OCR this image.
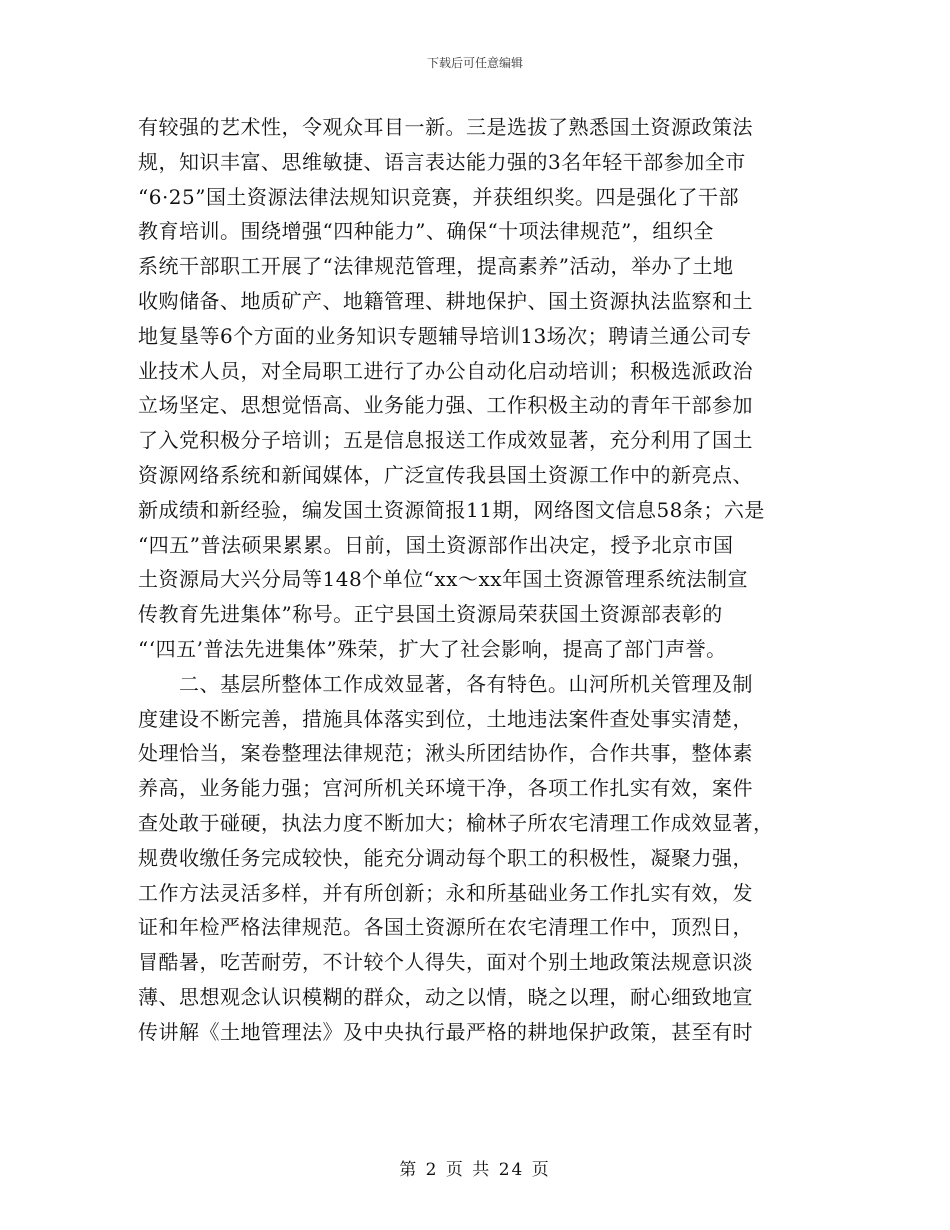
下载后可任意编辑
有较强的艺术性，令观众耳目一新。三是选拔了熟悉国土资源政策法
规，知识丰富、思维敏捷、语言表达能力强的3名年轻干部参加全市
“6·25”国土资源法律法规知识竞赛，并获组织奖。四是强化了干部
教育培训。围绕增强“四种能力”、确保“十项法律规范”，组织全
系统干部职工开展了“法律规范管理，提高素养”活动，举办了土地
收购储备、地质矿产、地籍管理、耕地保护、国土资源执法监察和土
地复垦等6个方面的业务知识专题辅导培训13场次；聘请兰通公司专
业技术人员，对全局职工进行了办公自动化启动培训；积极选派政治
立场坚定、思想觉悟高、业务能力强、工作积极主动的青年干部参加
了入党积极分子培训；五是信息报送工作成效显著，充分利用了国土
资源网络系统和新闻媒体，广泛宣传我县国土资源工作中的新亮点、
新成绩和新经验，编发国土资源简报11期，网络图文信息58条；六是
“四五”普法硕果累累。日前，国土资源部作出决定，授予北京市国
土资源局大兴分局等148个单位“xx～xx年国土资源管理系统法制宣
传教育先进集体”称号。正宁县国土资源局荣获国土资源部表彰的
“‘四五’普法先进集体”殊荣，扩大了社会影响，提高了部门声誉。
　　二、基层所整体工作成效显著，各有特色。山河所机关管理及制
度建设不断完善，措施具体落实到位，土地违法案件查处事实清楚，
处理恰当，案卷整理法律规范；湫头所团结协作，合作共事，整体素
养高，业务能力强；宫河所机关环境干净，各项工作扎实有效，案件
查处敢于碰硬，执法力度不断加大；榆林子所农宅清理工作成效显著，
规费收缴任务完成较快，能充分调动每个职工的积极性，凝聚力强，
工作方法灵活多样，并有所创新；永和所基础业务工作扎实有效，发
证和年检严格法律规范。各国土资源所在农宅清理工作中，顶烈日，
冒酷暑，吃苦耐劳，不计较个人得失，面对个别土地政策法规意识淡
薄、思想观念认识模糊的群众，动之以情，晓之以理，耐心细致地宣
传讲解《土地管理法》及中央执行最严格的耕地保护政策，甚至有时
第 2 页 共 24 页
